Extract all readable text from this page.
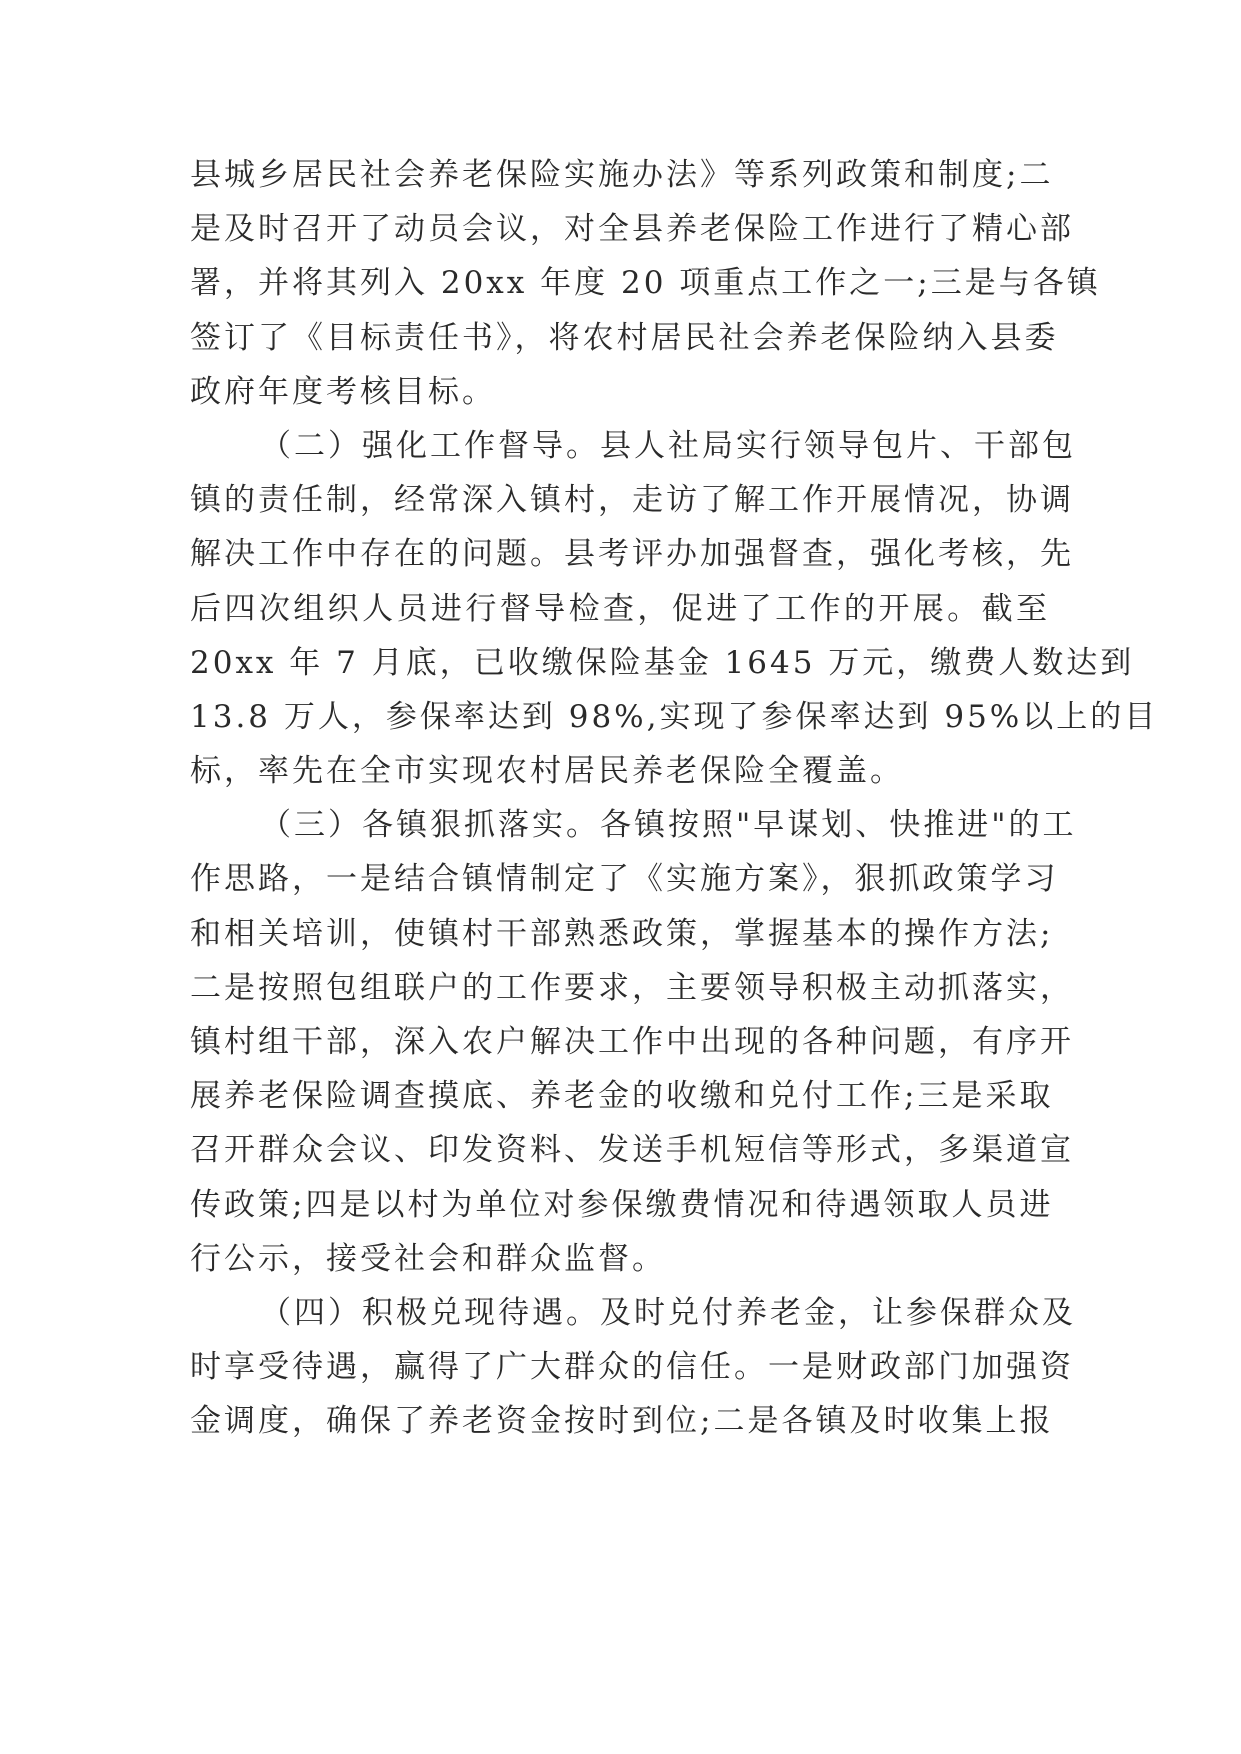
县城乡居民社会养老保险实施办法》等系列政策和制度;二
是及时召开了动员会议，对全县养老保险工作进行了精心部
署，并将其列入 20xx 年度 20 项重点工作之一;三是与各镇
签订了《目标责任书》，将农村居民社会养老保险纳入县委
政府年度考核目标。
（二）强化工作督导。县人社局实行领导包片、干部包
镇的责任制，经常深入镇村，走访了解工作开展情况，协调
解决工作中存在的问题。县考评办加强督查，强化考核，先
后四次组织人员进行督导检查，促进了工作的开展。截至
20xx 年 7 月底，已收缴保险基金 1645 万元，缴费人数达到
13.8 万人，参保率达到 98%,实现了参保率达到 95%以上的目
标，率先在全市实现农村居民养老保险全覆盖。
（三）各镇狠抓落实。各镇按照"早谋划、快推进"的工
作思路，一是结合镇情制定了《实施方案》，狠抓政策学习
和相关培训，使镇村干部熟悉政策，掌握基本的操作方法;
二是按照包组联户的工作要求，主要领导积极主动抓落实，
镇村组干部，深入农户解决工作中出现的各种问题，有序开
展养老保险调查摸底、养老金的收缴和兑付工作;三是采取
召开群众会议、印发资料、发送手机短信等形式，多渠道宣
传政策;四是以村为单位对参保缴费情况和待遇领取人员进
行公示，接受社会和群众监督。
（四）积极兑现待遇。及时兑付养老金，让参保群众及
时享受待遇，赢得了广大群众的信任。一是财政部门加强资
金调度，确保了养老资金按时到位;二是各镇及时收集上报
